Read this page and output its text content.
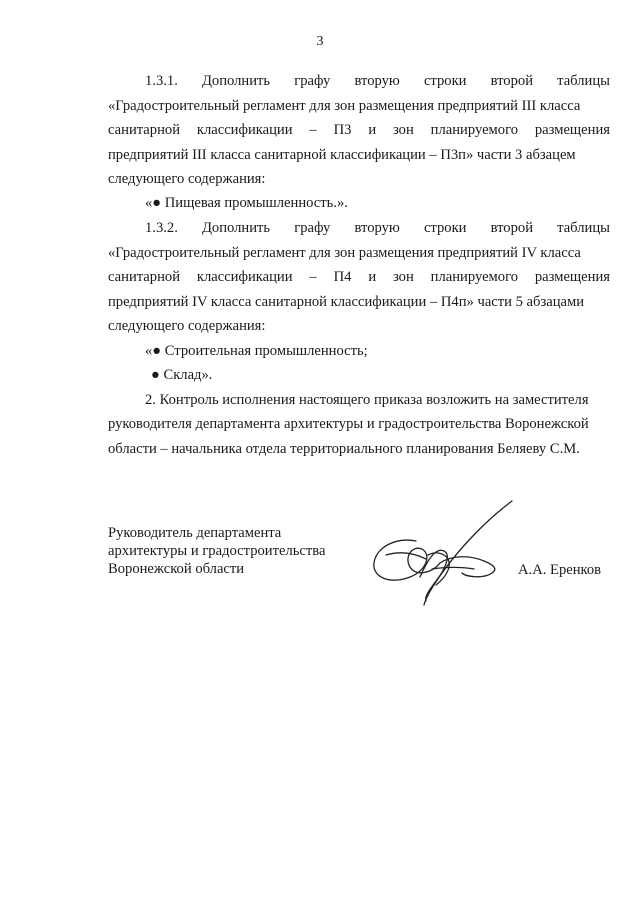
3
1.3.1. Дополнить графу вторую строки второй таблицы
«Градостроительный регламент для зон размещения предприятий III класса
санитарной классификации – П3 и зон планируемого размещения
предприятий III класса санитарной классификации – П3п» части 3 абзацем
следующего содержания:
«● Пищевая промышленность.».
1.3.2. Дополнить графу вторую строки второй таблицы
«Градостроительный регламент для зон размещения предприятий IV класса
санитарной классификации – П4 и зон планируемого размещения
предприятий IV класса санитарной классификации – П4п» части 5 абзацами
следующего содержания:
«● Строительная промышленность;
● Склад».
2. Контроль исполнения настоящего приказа возложить на заместителя
руководителя департамента архитектуры и градостроительства Воронежской
области – начальника отдела территориального планирования Беляеву С.М.
Руководитель департамента
архитектуры и градостроительства
Воронежской области	А.А. Еренков
